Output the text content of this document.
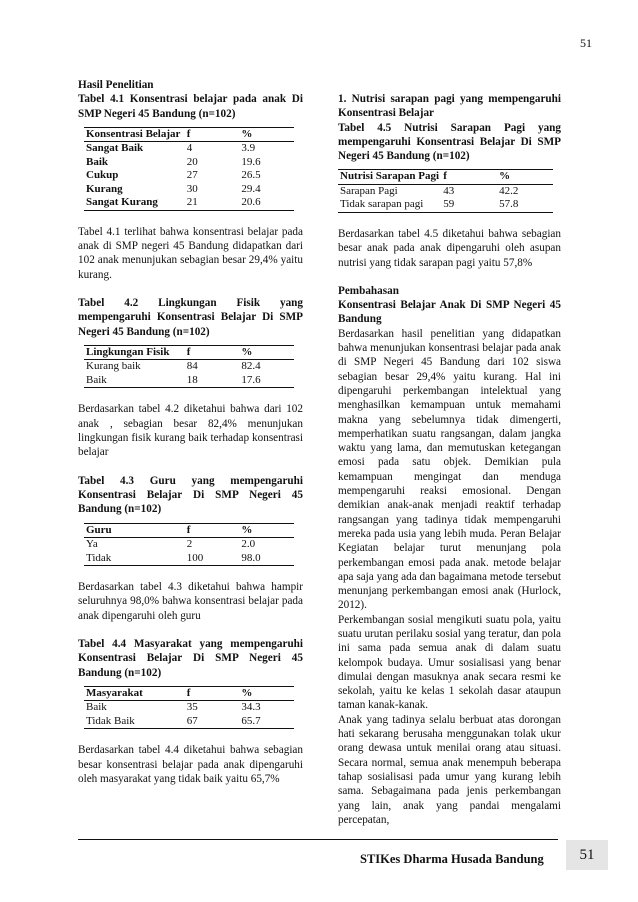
51

Hasil Penelitian

Tabel 4.1 Konsentrasi belajar pada anak Di SMP Negeri 45 Bandung (n=102)

Konsentrasi Belajar	f	%
Sangat Baik	4	3.9
Baik	20	19.6
Cukup	27	26.5
Kurang	30	29.4
Sangat Kurang	21	20.6

Tabel 4.1 terlihat bahwa konsentrasi belajar pada anak di SMP negeri 45 Bandung didapatkan dari 102 anak menunjukan sebagian besar 29,4% yaitu kurang.

Tabel 4.2 Lingkungan Fisik yang mempengaruhi Konsentrasi Belajar Di SMP Negeri 45 Bandung (n=102)

Lingkungan Fisik	f	%
Kurang baik	84	82.4
Baik	18	17.6

Berdasarkan tabel 4.2 diketahui bahwa dari 102 anak , sebagian besar 82,4% menunjukan lingkungan fisik kurang baik terhadap konsentrasi belajar

Tabel 4.3 Guru yang mempengaruhi Konsentrasi Belajar Di SMP Negeri 45 Bandung (n=102)

Guru	f	%
Ya	2	2.0
Tidak	100	98.0

Berdasarkan tabel 4.3 diketahui bahwa hampir seluruhnya 98,0% bahwa konsentrasi belajar pada anak dipengaruhi oleh guru

Tabel 4.4 Masyarakat yang mempengaruhi Konsentrasi Belajar Di SMP Negeri 45 Bandung (n=102)

Masyarakat	f	%
Baik	35	34.3
Tidak Baik	67	65.7

Berdasarkan tabel 4.4 diketahui bahwa sebagian besar konsentrasi belajar pada anak dipengaruhi oleh masyarakat yang tidak baik yaitu 65,7%

1. Nutrisi sarapan pagi yang mempengaruhi Konsentrasi Belajar

Tabel 4.5 Nutrisi Sarapan Pagi yang mempengaruhi Konsentrasi Belajar Di SMP Negeri 45 Bandung (n=102)

Nutrisi Sarapan Pagi	f	%
Sarapan Pagi	43	42.2
Tidak sarapan pagi	59	57.8

Berdasarkan tabel 4.5 diketahui bahwa sebagian besar anak pada anak dipengaruhi oleh asupan nutrisi yang tidak sarapan pagi yaitu 57,8%

Pembahasan

Konsentrasi Belajar Anak Di SMP Negeri 45 Bandung

Berdasarkan hasil penelitian yang didapatkan bahwa menunjukan konsentrasi belajar pada anak di SMP Negeri 45 Bandung dari 102 siswa sebagian besar 29,4% yaitu kurang. Hal ini dipengaruhi perkembangan intelektual yang menghasilkan kemampuan untuk memahami makna yang sebelumnya tidak dimengerti, memperhatikan suatu rangsangan, dalam jangka waktu yang lama, dan memutuskan ketegangan emosi pada satu objek. Demikian pula kemampuan mengingat dan menduga mempengaruhi reaksi emosional. Dengan demikian anak-anak menjadi reaktif terhadap rangsangan yang tadinya tidak mempengaruhi mereka pada usia yang lebih muda. Peran Belajar Kegiatan belajar turut menunjang pola perkembangan emosi pada anak. metode belajar apa saja yang ada dan bagaimana metode tersebut menunjang perkembangan emosi anak (Hurlock, 2012).

Perkembangan sosial mengikuti suatu pola, yaitu suatu urutan perilaku sosial yang teratur, dan pola ini sama pada semua anak di dalam suatu kelompok budaya. Umur sosialisasi yang benar dimulai dengan masuknya anak secara resmi ke sekolah, yaitu ke kelas 1 sekolah dasar ataupun taman kanak-kanak.

Anak yang tadinya selalu berbuat atas dorongan hati sekarang berusaha menggunakan tolak ukur orang dewasa untuk menilai orang atau situasi. Secara normal, semua anak menempuh beberapa tahap sosialisasi pada umur yang kurang lebih sama. Sebagaimana pada jenis perkembangan yang lain, anak yang pandai mengalami percepatan,

STIKes Dharma Husada Bandung	51
